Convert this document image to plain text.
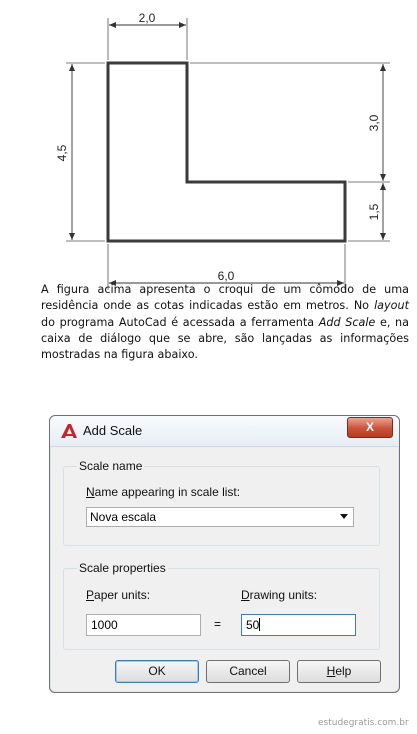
2,0
4,5
3,0
1,5
6,0
A figura acima apresenta o croqui de um cômodo de uma residência onde as cotas indicadas estão em metros. No layout do programa AutoCad é acessada a ferramenta Add Scale e, na caixa de diálogo que se abre, são lançadas as informações mostradas na figura abaixo.
Add Scale	X
Scale name
Name appearing in scale list:
Nova escala
Scale properties
Paper units:
1000	=
Drawing units:
50
OK	Cancel	Help
estudegratis.com.br
